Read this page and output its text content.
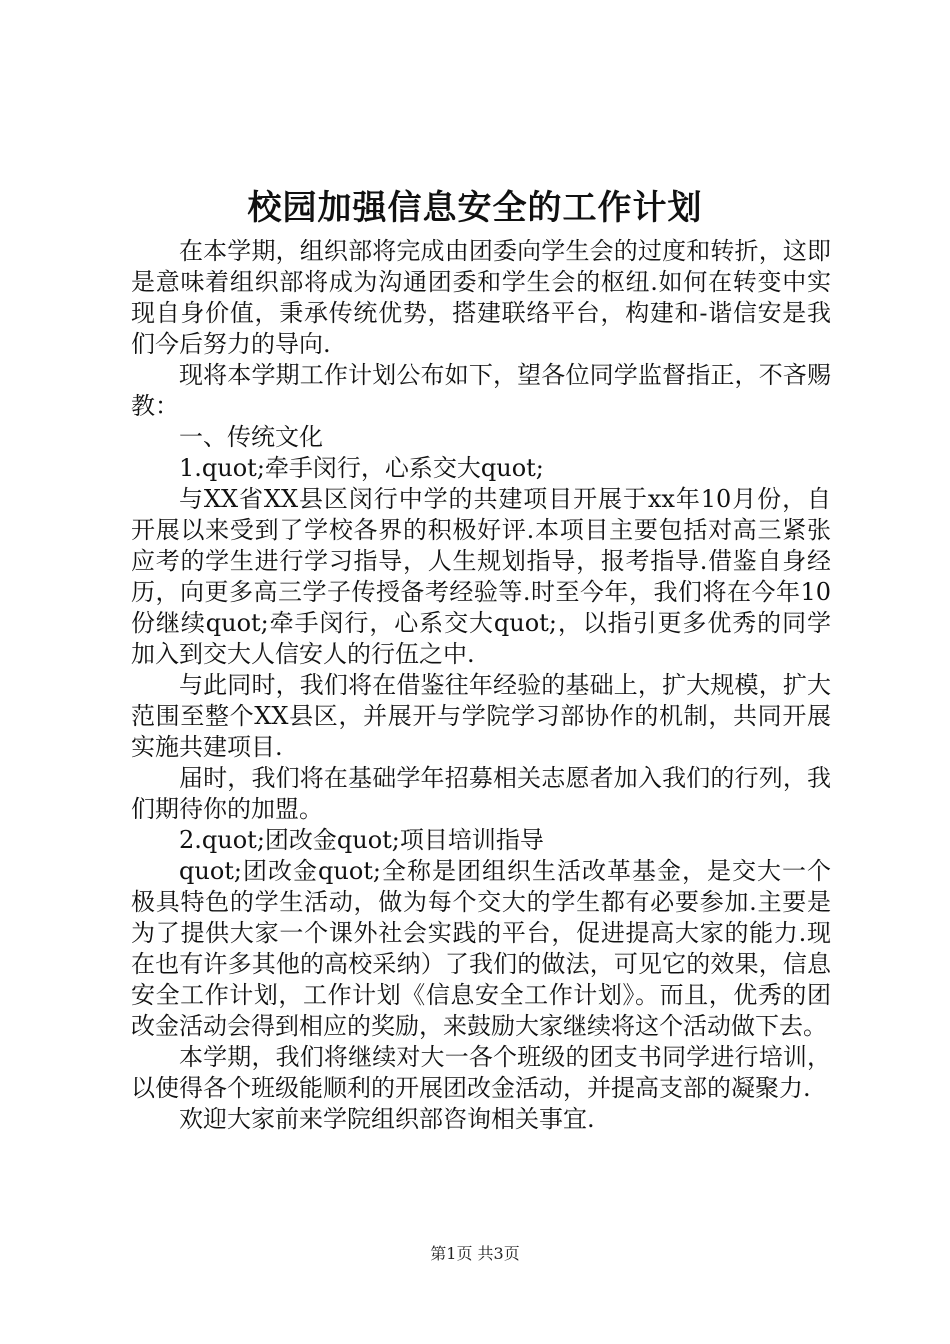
校园加强信息安全的工作计划

在本学期，组织部将完成由团委向学生会的过度和转折，这即是意味着组织部将成为沟通团委和学生会的枢纽.如何在转变中实现自身价值，秉承传统优势，搭建联络平台，构建和-谐信安是我们今后努力的导向.

现将本学期工作计划公布如下，望各位同学监督指正，不吝赐教：

一、传统文化

1.quot;牵手闵行，心系交大quot;

与XX省XX县区闵行中学的共建项目开展于xx年10月份，自开展以来受到了学校各界的积极好评.本项目主要包括对高三紧张应考的学生进行学习指导，人生规划指导，报考指导.借鉴自身经历，向更多高三学子传授备考经验等.时至今年，我们将在今年10份继续quot;牵手闵行，心系交大quot;，以指引更多优秀的同学加入到交大人信安人的行伍之中.

与此同时，我们将在借鉴往年经验的基础上，扩大规模，扩大范围至整个XX县区，并展开与学院学习部协作的机制，共同开展实施共建项目.

届时，我们将在基础学年招募相关志愿者加入我们的行列，我们期待你的加盟。

2.quot;团改金quot;项目培训指导

quot;团改金quot;全称是团组织生活改革基金，是交大一个极具特色的学生活动，做为每个交大的学生都有必要参加.主要是为了提供大家一个课外社会实践的平台，促进提高大家的能力.现在也有许多其他的高校采纳）了我们的做法，可见它的效果，信息安全工作计划，工作计划《信息安全工作计划》。而且，优秀的团改金活动会得到相应的奖励，来鼓励大家继续将这个活动做下去。

本学期，我们将继续对大一各个班级的团支书同学进行培训，以使得各个班级能顺利的开展团改金活动，并提高支部的凝聚力.

欢迎大家前来学院组织部咨询相关事宜.

第1页 共3页
